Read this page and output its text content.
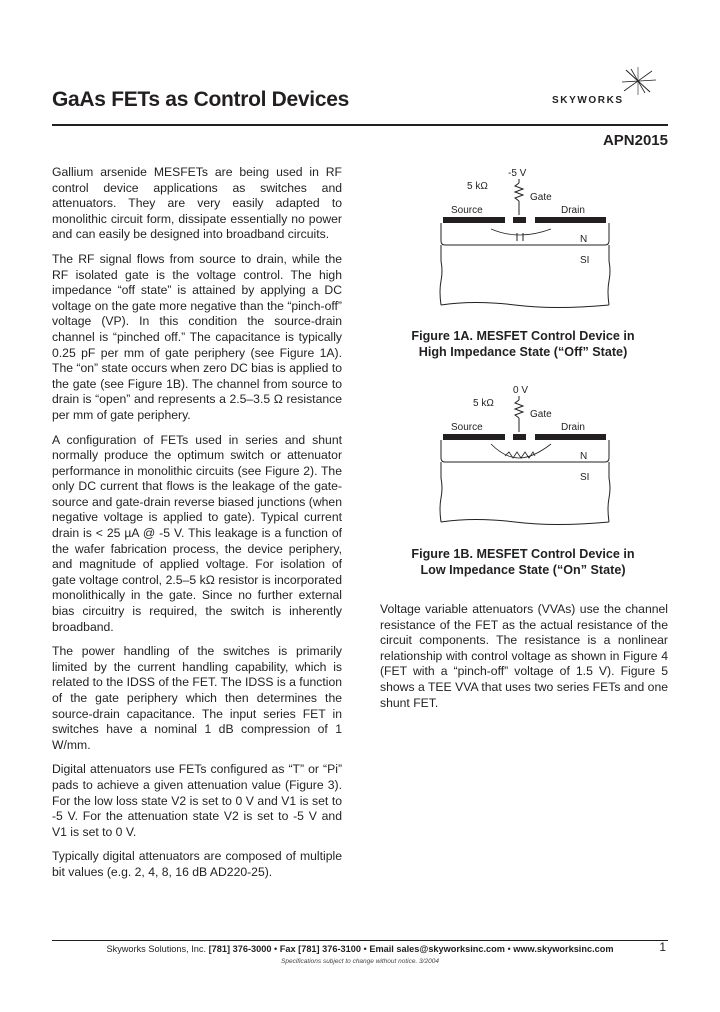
GaAs FETs as Control Devices	SKYWORKS
APN2015

Gallium arsenide MESFETs are being used in RF control device applications as switches and attenuators. They are very easily adapted to monolithic circuit form, dissipate essentially no power and can easily be designed into broadband circuits.

The RF signal flows from source to drain, while the RF isolated gate is the voltage control. The high impedance “off state” is attained by applying a DC voltage on the gate more negative than the “pinch-off” voltage (VP). In this condition the source-drain channel is “pinched off.” The capacitance is typically 0.25 pF per mm of gate periphery (see Figure 1A). The “on” state occurs when zero DC bias is applied to the gate (see Figure 1B). The channel from source to drain is “open” and represents a 2.5–3.5 Ω resistance per mm of gate periphery.

A configuration of FETs used in series and shunt normally produce the optimum switch or attenuator performance in monolithic circuits (see Figure 2). The only DC current that flows is the leakage of the gate-source and gate-drain reverse biased junctions (when negative voltage is applied to gate). Typical current drain is < 25 µA @ -5 V. This leakage is a function of the wafer fabrication process, the device periphery, and magnitude of applied voltage. For isolation of gate voltage control, 2.5–5 kΩ resistor is incorporated monolithically in the gate. Since no further external bias circuitry is required, the switch is inherently broadband.

The power handling of the switches is primarily limited by the current handling capability, which is related to the IDSS of the FET. The IDSS is a function of the gate periphery which then determines the source-drain capacitance. The input series FET in switches have a nominal 1 dB compression of 1 W/mm.

Digital attenuators use FETs configured as “T” or “Pi” pads to achieve a given attenuation value (Figure 3). For the low loss state V2 is set to 0 V and V1 is set to -5 V. For the attenuation state V2 is set to -5 V and V1 is set to 0 V.

Typically digital attenuators are composed of multiple bit values (e.g. 2, 4, 8, 16 dB AD220-25).

-5 V
5 kΩ
Gate
Source	Drain
N
SI
Figure 1A. MESFET Control Device in
High Impedance State (“Off” State)
0 V
5 kΩ
Gate
Source	Drain
N
SI
Figure 1B. MESFET Control Device in
Low Impedance State (“On” State)

Voltage variable attenuators (VVAs) use the channel resistance of the FET as the actual resistance of the circuit components. The resistance is a nonlinear relationship with control voltage as shown in Figure 4 (FET with a “pinch-off” voltage of 1.5 V). Figure 5 shows a TEE VVA that uses two series FETs and one shunt FET.

Skyworks Solutions, Inc. [781] 376-3000 • Fax [781] 376-3100 • Email sales@skyworksinc.com • www.skyworksinc.com	1
Specifications subject to change without notice. 3/2004
